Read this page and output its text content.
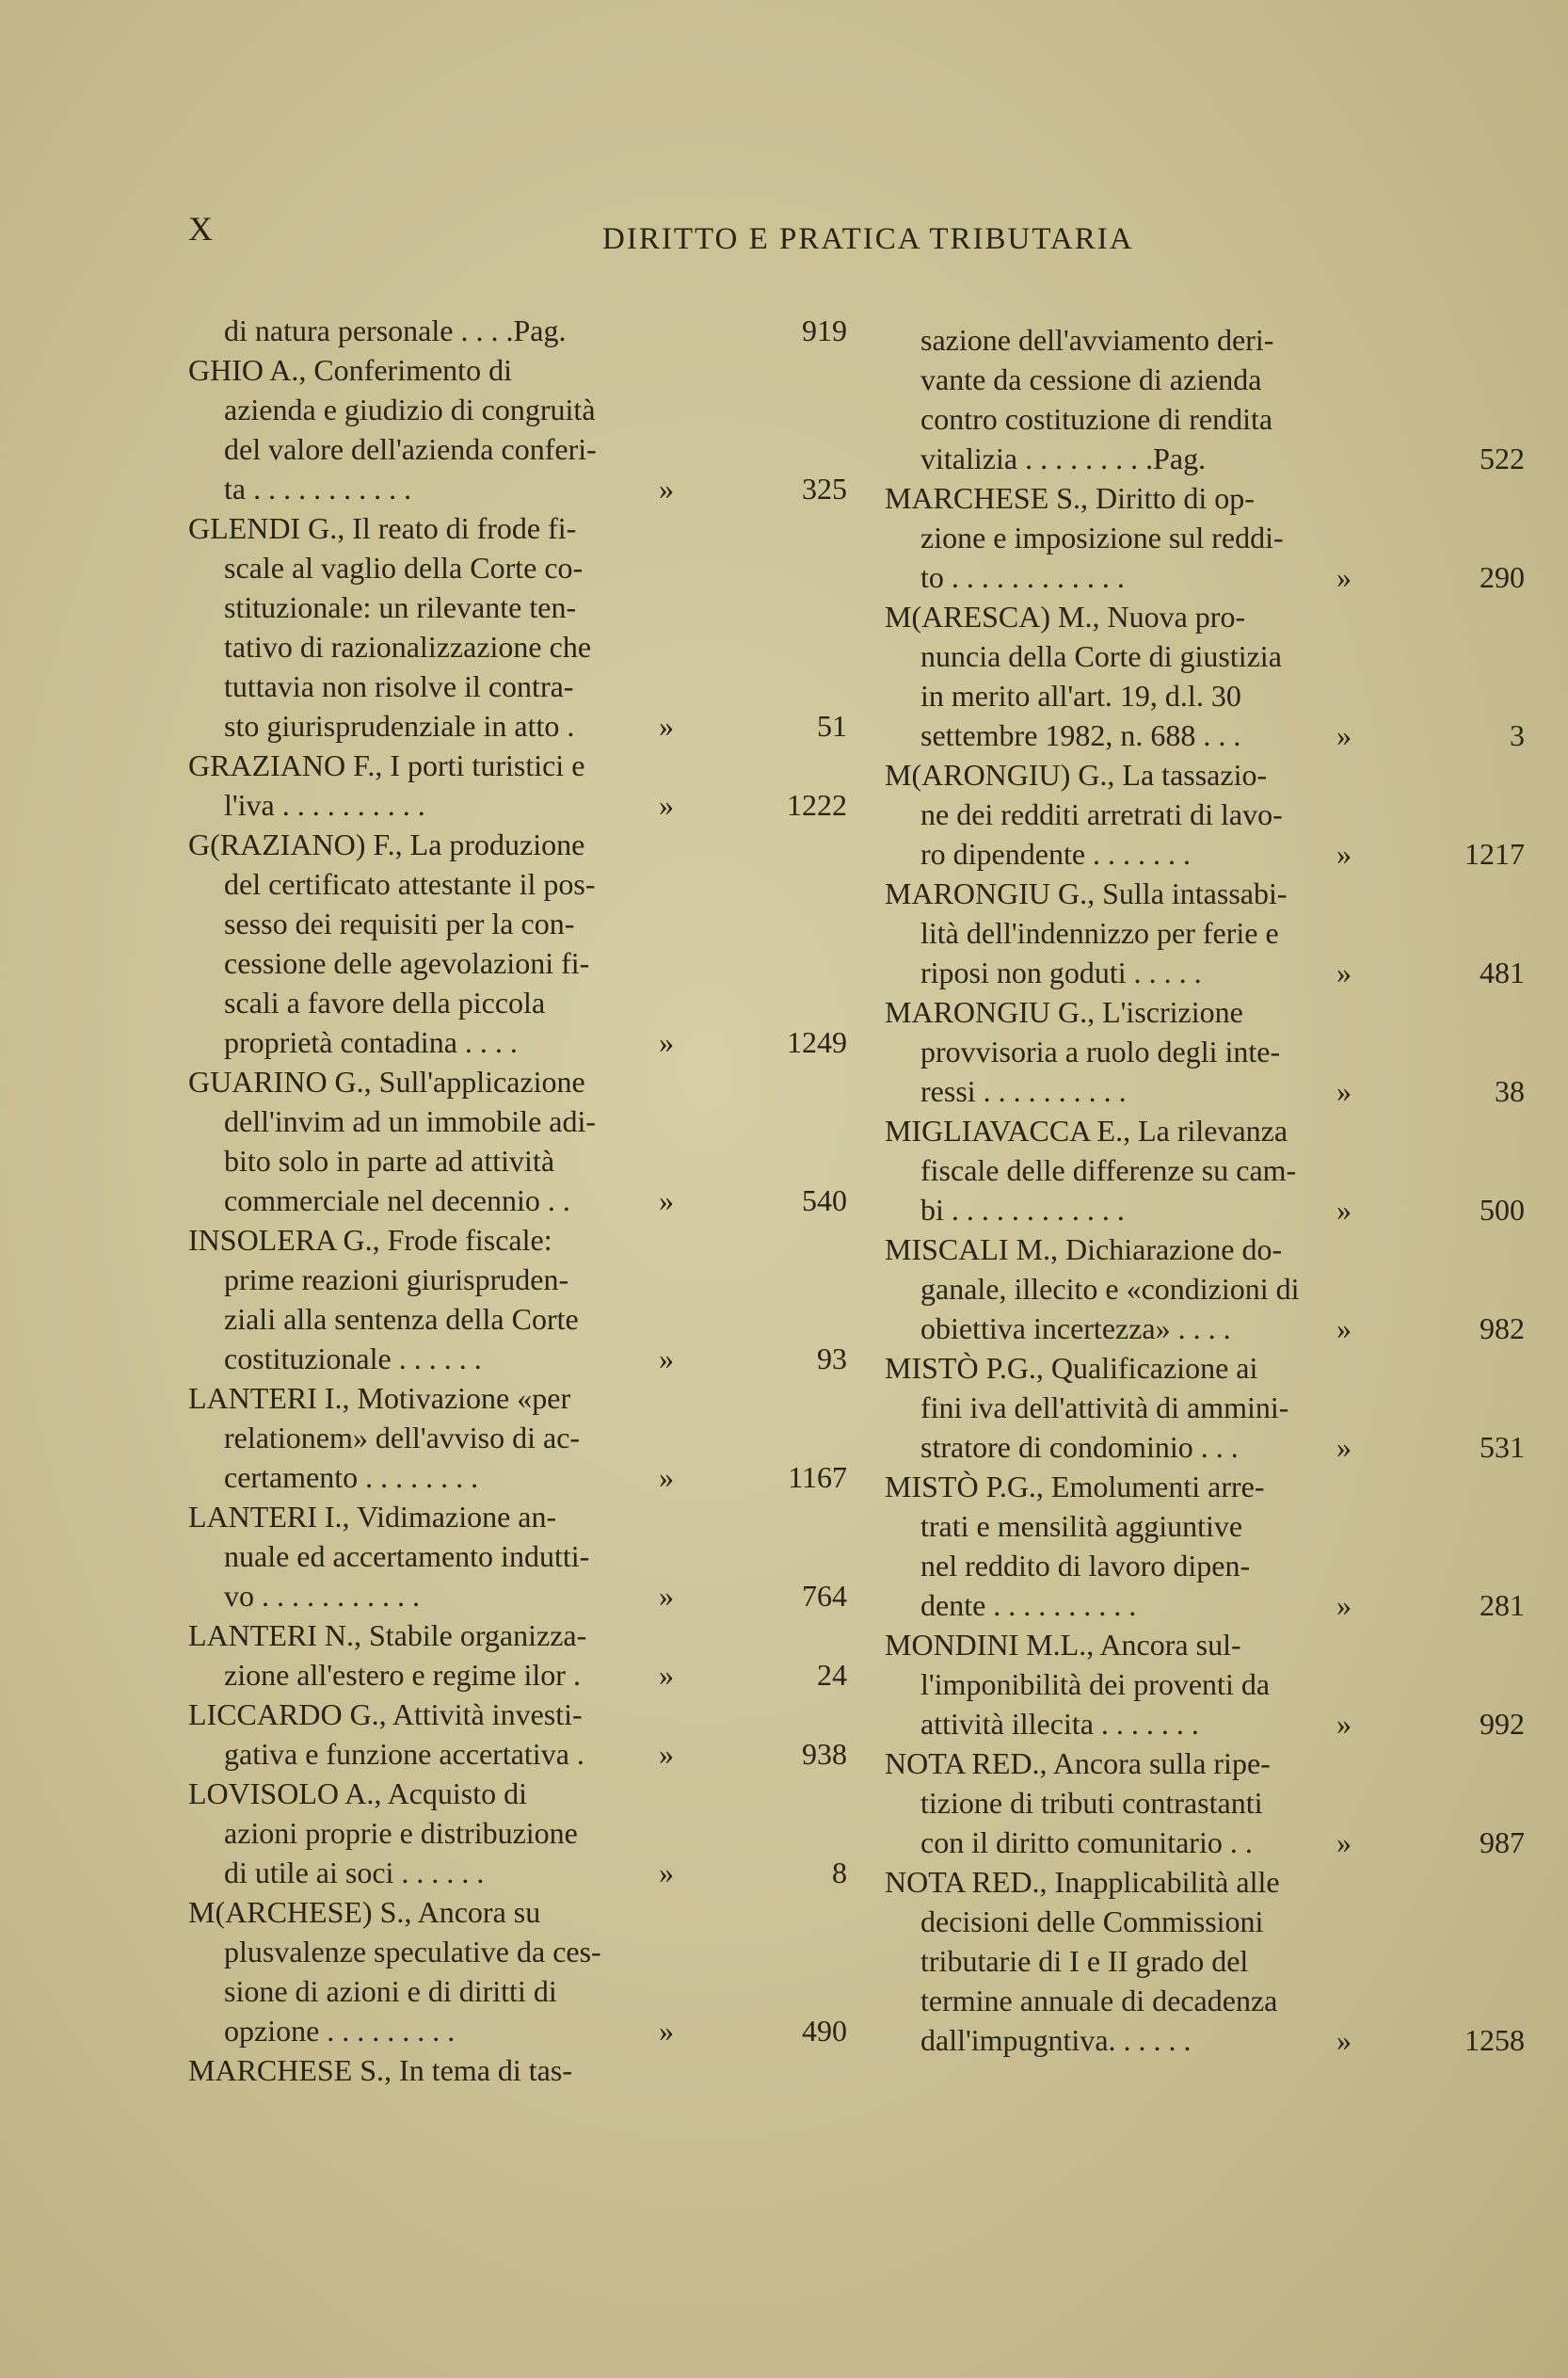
X	DIRITTO E PRATICA TRIBUTARIA
di natura personale . . . .Pag.	919
GHIO A., Conferimento di
azienda e giudizio di congruità
del valore dell'azienda conferi-
ta . . . . . . . . . . .	»	325
GLENDI G., Il reato di frode fi-
scale al vaglio della Corte co-
stituzionale: un rilevante ten-
tativo di razionalizzazione che
tuttavia non risolve il contra-
sto giurisprudenziale in atto .	»	51
GRAZIANO F., I porti turistici e
l'iva . . . . . . . . . .	»	1222
G(RAZIANO) F., La produzione
del certificato attestante il pos-
sesso dei requisiti per la con-
cessione delle agevolazioni fi-
scali a favore della piccola
proprietà contadina . . . .	»	1249
GUARINO G., Sull'applicazione
dell'invim ad un immobile adi-
bito solo in parte ad attività
commerciale nel decennio . .	»	540
INSOLERA G., Frode fiscale:
prime reazioni giurispruden-
ziali alla sentenza della Corte
costituzionale . . . . . .	»	93
LANTERI I., Motivazione «per
relationem» dell'avviso di ac-
certamento . . . . . . . .	»	1167
LANTERI I., Vidimazione an-
nuale ed accertamento indutti-
vo . . . . . . . . . . .	»	764
LANTERI N., Stabile organizza-
zione all'estero e regime ilor .	»	24
LICCARDO G., Attività investi-
gativa e funzione accertativa .	»	938
LOVISOLO A., Acquisto di
azioni proprie e distribuzione
di utile ai soci . . . . . .	»	8
M(ARCHESE) S., Ancora su
plusvalenze speculative da ces-
sione di azioni e di diritti di
opzione . . . . . . . . .	»	490
MARCHESE S., In tema di tas-
sazione dell'avviamento deri-
vante da cessione di azienda
contro costituzione di rendita
vitalizia . . . . . . . . .Pag.	522
MARCHESE S., Diritto di op-
zione e imposizione sul reddi-
to . . . . . . . . . . . .	»	290
M(ARESCA) M., Nuova pro-
nuncia della Corte di giustizia
in merito all'art. 19, d.l. 30
settembre 1982, n. 688 . . .	»	3
M(ARONGIU) G., La tassazio-
ne dei redditi arretrati di lavo-
ro dipendente . . . . . . .	»	1217
MARONGIU G., Sulla intassabi-
lità dell'indennizzo per ferie e
riposi non goduti . . . . .	»	481
MARONGIU G., L'iscrizione
provvisoria a ruolo degli inte-
ressi . . . . . . . . . .	»	38
MIGLIAVACCA E., La rilevanza
fiscale delle differenze su cam-
bi . . . . . . . . . . . .	»	500
MISCALI M., Dichiarazione do-
ganale, illecito e «condizioni di
obiettiva incertezza» . . . .	»	982
MISTÒ P.G., Qualificazione ai
fini iva dell'attività di ammini-
stratore di condominio . . .	»	531
MISTÒ P.G., Emolumenti arre-
trati e mensilità aggiuntive
nel reddito di lavoro dipen-
dente . . . . . . . . . .	»	281
MONDINI M.L., Ancora sul-
l'imponibilità dei proventi da
attività illecita . . . . . . .	»	992
NOTA RED., Ancora sulla ripe-
tizione di tributi contrastanti
con il diritto comunitario . .	»	987
NOTA RED., Inapplicabilità alle
decisioni delle Commissioni
tributarie di I e II grado del
termine annuale di decadenza
dall'impugntiva. . . . . .	»	1258
